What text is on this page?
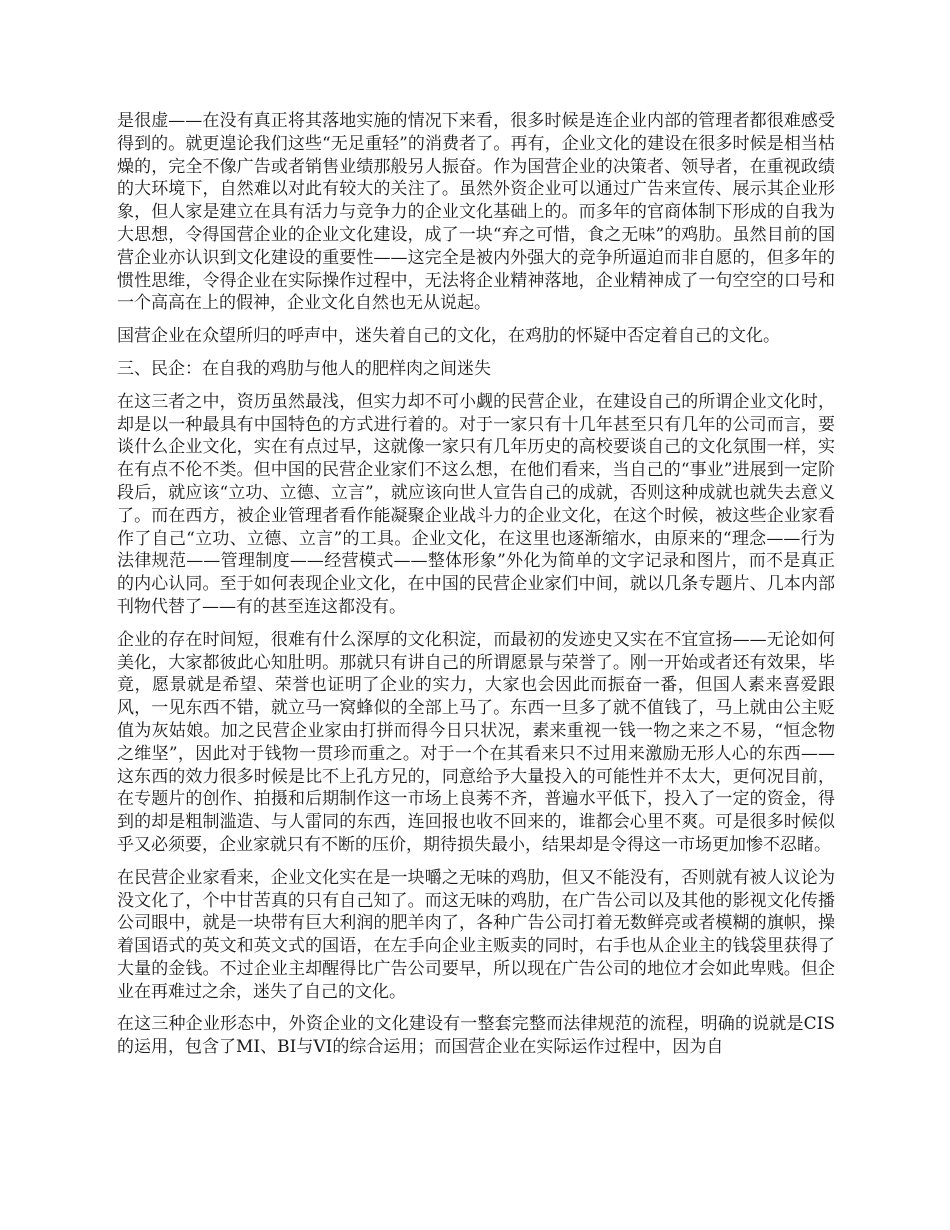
是很虚——在没有真正将其落地实施的情况下来看，很多时候是连企业内部的管理者都很难感受得到的。就更遑论我们这些“无足重轻”的消费者了。再有，企业文化的建设在很多时候是相当枯燥的，完全不像广告或者销售业绩那般另人振奋。作为国营企业的决策者、领导者，在重视政绩的大环境下，自然难以对此有较大的关注了。虽然外资企业可以通过广告来宣传、展示其企业形象，但人家是建立在具有活力与竞争力的企业文化基础上的。而多年的官商体制下形成的自我为大思想，令得国营企业的企业文化建设，成了一块“弃之可惜，食之无味”的鸡肋。虽然目前的国营企业亦认识到文化建设的重要性——这完全是被内外强大的竞争所逼迫而非自愿的，但多年的惯性思维，令得企业在实际操作过程中，无法将企业精神落地，企业精神成了一句空空的口号和一个高高在上的假神，企业文化自然也无从说起。

国营企业在众望所归的呼声中，迷失着自己的文化，在鸡肋的怀疑中否定着自己的文化。

三、民企：在自我的鸡肋与他人的肥样肉之间迷失

在这三者之中，资历虽然最浅，但实力却不可小觑的民营企业，在建设自己的所谓企业文化时，却是以一种最具有中国特色的方式进行着的。对于一家只有十几年甚至只有几年的公司而言，要谈什么企业文化，实在有点过早，这就像一家只有几年历史的高校要谈自己的文化氛围一样，实在有点不伦不类。但中国的民营企业家们不这么想，在他们看来，当自己的“事业”进展到一定阶段后，就应该“立功、立德、立言”，就应该向世人宣告自己的成就，否则这种成就也就失去意义了。而在西方，被企业管理者看作能凝聚企业战斗力的企业文化，在这个时候，被这些企业家看作了自己“立功、立德、立言”的工具。企业文化，在这里也逐渐缩水，由原来的“理念——行为法律规范——管理制度——经营模式——整体形象”外化为简单的文字记录和图片，而不是真正的内心认同。至于如何表现企业文化，在中国的民营企业家们中间，就以几条专题片、几本内部刊物代替了——有的甚至连这都没有。

企业的存在时间短，很难有什么深厚的文化积淀，而最初的发迹史又实在不宜宣扬——无论如何美化，大家都彼此心知肚明。那就只有讲自己的所谓愿景与荣誉了。刚一开始或者还有效果，毕竟，愿景就是希望、荣誉也证明了企业的实力，大家也会因此而振奋一番，但国人素来喜爱跟风，一见东西不错，就立马一窝蜂似的全部上马了。东西一旦多了就不值钱了，马上就由公主贬值为灰姑娘。加之民营企业家由打拼而得今日只状况，素来重视一钱一物之来之不易，“恒念物之维坚”，因此对于钱物一贯珍而重之。对于一个在其看来只不过用来激励无形人心的东西——这东西的效力很多时候是比不上孔方兄的，同意给予大量投入的可能性并不太大，更何况目前，在专题片的创作、拍摄和后期制作这一市场上良莠不齐，普遍水平低下，投入了一定的资金，得到的却是粗制滥造、与人雷同的东西，连回报也收不回来的，谁都会心里不爽。可是很多时候似乎又必须要，企业家就只有不断的压价，期待损失最小，结果却是令得这一市场更加惨不忍睹。

在民营企业家看来，企业文化实在是一块嚼之无味的鸡肋，但又不能没有，否则就有被人议论为没文化了，个中甘苦真的只有自己知了。而这无味的鸡肋，在广告公司以及其他的影视文化传播公司眼中，就是一块带有巨大利润的肥羊肉了，各种广告公司打着无数鲜亮或者模糊的旗帜，操着国语式的英文和英文式的国语，在左手向企业主贩卖的同时，右手也从企业主的钱袋里获得了大量的金钱。不过企业主却醒得比广告公司要早，所以现在广告公司的地位才会如此卑贱。但企业在再难过之余，迷失了自己的文化。

在这三种企业形态中，外资企业的文化建设有一整套完整而法律规范的流程，明确的说就是CIS的运用，包含了MI、BI与VI的综合运用；而国营企业在实际运作过程中，因为自
